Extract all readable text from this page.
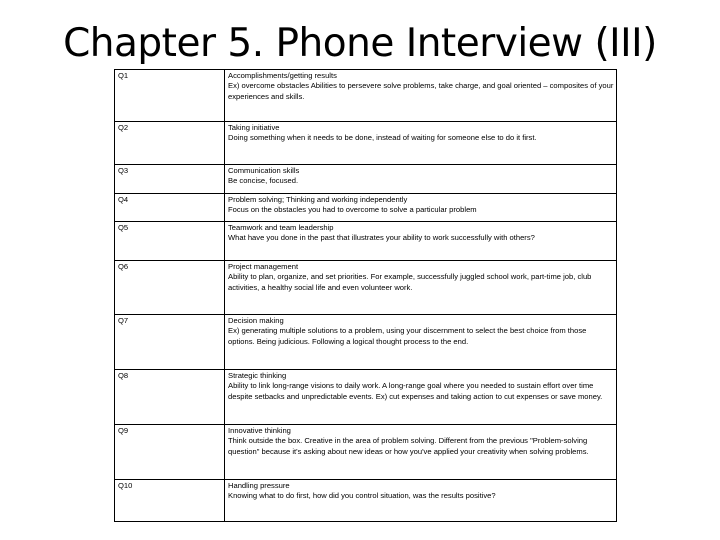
Chapter 5. Phone Interview (III)
Q1	Accomplishments/getting results
Ex) overcome obstacles Abilities to persevere solve problems, take charge, and goal oriented – composites of your experiences and skills.

Q2	Taking initiative
Doing something when it needs to be done, instead of waiting for someone else to do it first.

Q3	Communication skills
Be concise, focused.

Q4	Problem solving; Thinking and working independently
Focus on the obstacles you had to overcome to solve a particular problem

Q5	Teamwork and team leadership
What have you done in the past that illustrates your ability to work successfully with others?

Q6	Project management
Ability to plan, organize, and set priorities. For example, successfully juggled school work, part-time job, club activities, a healthy social life and even volunteer work.

Q7	Decision making
Ex) generating multiple solutions to a problem, using your discernment to select the best choice from those options. Being judicious. Following a logical thought process to the end.

Q8	Strategic thinking
Ability to link long-range visions to daily work. A long-range goal where you needed to sustain effort over time despite setbacks and unpredictable events. Ex) cut expenses and taking action to cut expenses or save money.

Q9	Innovative thinking
Think outside the box. Creative in the area of problem solving. Different from the previous "Problem-solving question" because it's asking about new ideas or how you've applied your creativity when solving problems.

Q10	Handling pressure
Knowing what to do first, how did you control situation, was the results positive?
